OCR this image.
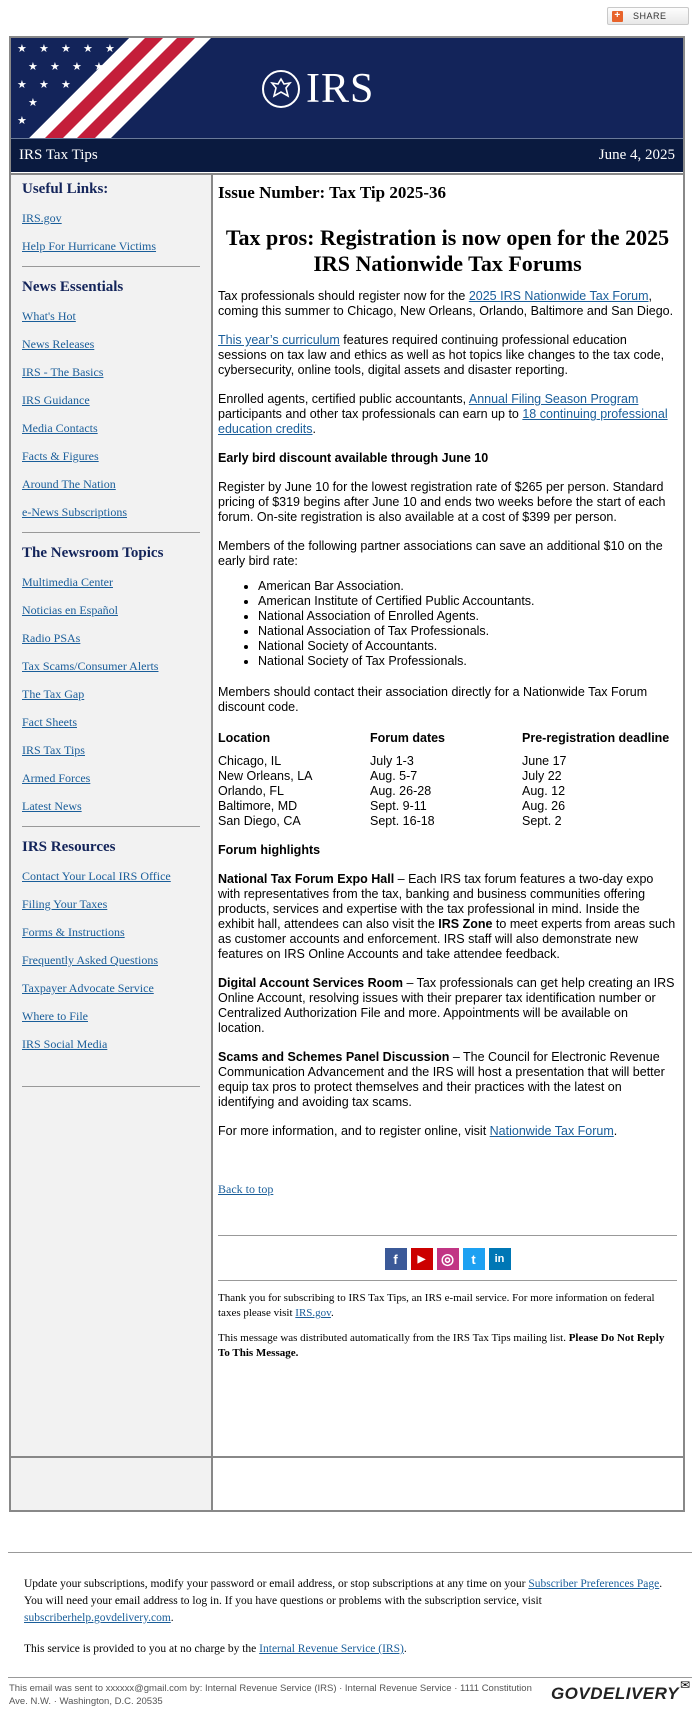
+ SHARE
★ ★ ★ ★ ★
★ ★ ★ ★
★ ★ ★
★
★
IRS
IRS Tax Tips	June 4, 2025
Useful Links:
IRS.gov
Help For Hurricane Victims
News Essentials
What's Hot
News Releases
IRS - The Basics
IRS Guidance
Media Contacts
Facts & Figures
Around The Nation
e-News Subscriptions
The Newsroom Topics
Multimedia Center
Noticias en Español
Radio PSAs
Tax Scams/Consumer Alerts
The Tax Gap
Fact Sheets
IRS Tax Tips
Armed Forces
Latest News
IRS Resources
Contact Your Local IRS Office
Filing Your Taxes
Forms & Instructions
Frequently Asked Questions
Taxpayer Advocate Service
Where to File
IRS Social Media
Issue Number: Tax Tip 2025-36
Tax pros: Registration is now open for the 2025 IRS Nationwide Tax Forums

Tax professionals should register now for the 2025 IRS Nationwide Tax Forum, coming this summer to Chicago, New Orleans, Orlando, Baltimore and San Diego.

This year’s curriculum features required continuing professional education sessions on tax law and ethics as well as hot topics like changes to the tax code, cybersecurity, online tools, digital assets and disaster reporting.

Enrolled agents, certified public accountants, Annual Filing Season Program participants and other tax professionals can earn up to 18 continuing professional education credits.

Early bird discount available through June 10

Register by June 10 for the lowest registration rate of $265 per person. Standard pricing of $319 begins after June 10 and ends two weeks before the start of each forum. On-site registration is also available at a cost of $399 per person.

Members of the following partner associations can save an additional $10 on the early bird rate:

• American Bar Association.
• American Institute of Certified Public Accountants.
• National Association of Enrolled Agents.
• National Association of Tax Professionals.
• National Society of Accountants.
• National Society of Tax Professionals.

Members should contact their association directly for a Nationwide Tax Forum discount code.

Location	Forum dates	Pre-registration deadline
Chicago, IL	July 1-3	June 17
New Orleans, LA	Aug. 5-7	July 22
Orlando, FL	Aug. 26-28	Aug. 12
Baltimore, MD	Sept. 9-11	Aug. 26
San Diego, CA	Sept. 16-18	Sept. 2
Forum highlights

National Tax Forum Expo Hall – Each IRS tax forum features a two-day expo with representatives from the tax, banking and business communities offering products, services and expertise with the tax professional in mind. Inside the exhibit hall, attendees can also visit the IRS Zone to meet experts from areas such as customer accounts and enforcement. IRS staff will also demonstrate new features on IRS Online Accounts and take attendee feedback.

Digital Account Services Room – Tax professionals can get help creating an IRS Online Account, resolving issues with their preparer tax identification number or Centralized Authorization File and more. Appointments will be available on location.

Scams and Schemes Panel Discussion – The Council for Electronic Revenue Communication Advancement and the IRS will host a presentation that will better equip tax pros to protect themselves and their practices with the latest on identifying and avoiding tax scams.

For more information, and to register online, visit Nationwide Tax Forum.

Back to top
f	▶	◎	t	in

Thank you for subscribing to IRS Tax Tips, an IRS e-mail service. For more information on federal taxes please visit IRS.gov.

This message was distributed automatically from the IRS Tax Tips mailing list. Please Do Not Reply To This Message.

Update your subscriptions, modify your password or email address, or stop subscriptions at any time on your Subscriber Preferences Page. You will need your email address to log in. If you have questions or problems with the subscription service, visit subscriberhelp.govdelivery.com.

This service is provided to you at no charge by the Internal Revenue Service (IRS).

This email was sent to xxxxxx@gmail.com by: Internal Revenue Service (IRS) · Internal Revenue Service · 1111 Constitution Ave. N.W. · Washington, D.C. 20535	GOVDELIVERY ✉
